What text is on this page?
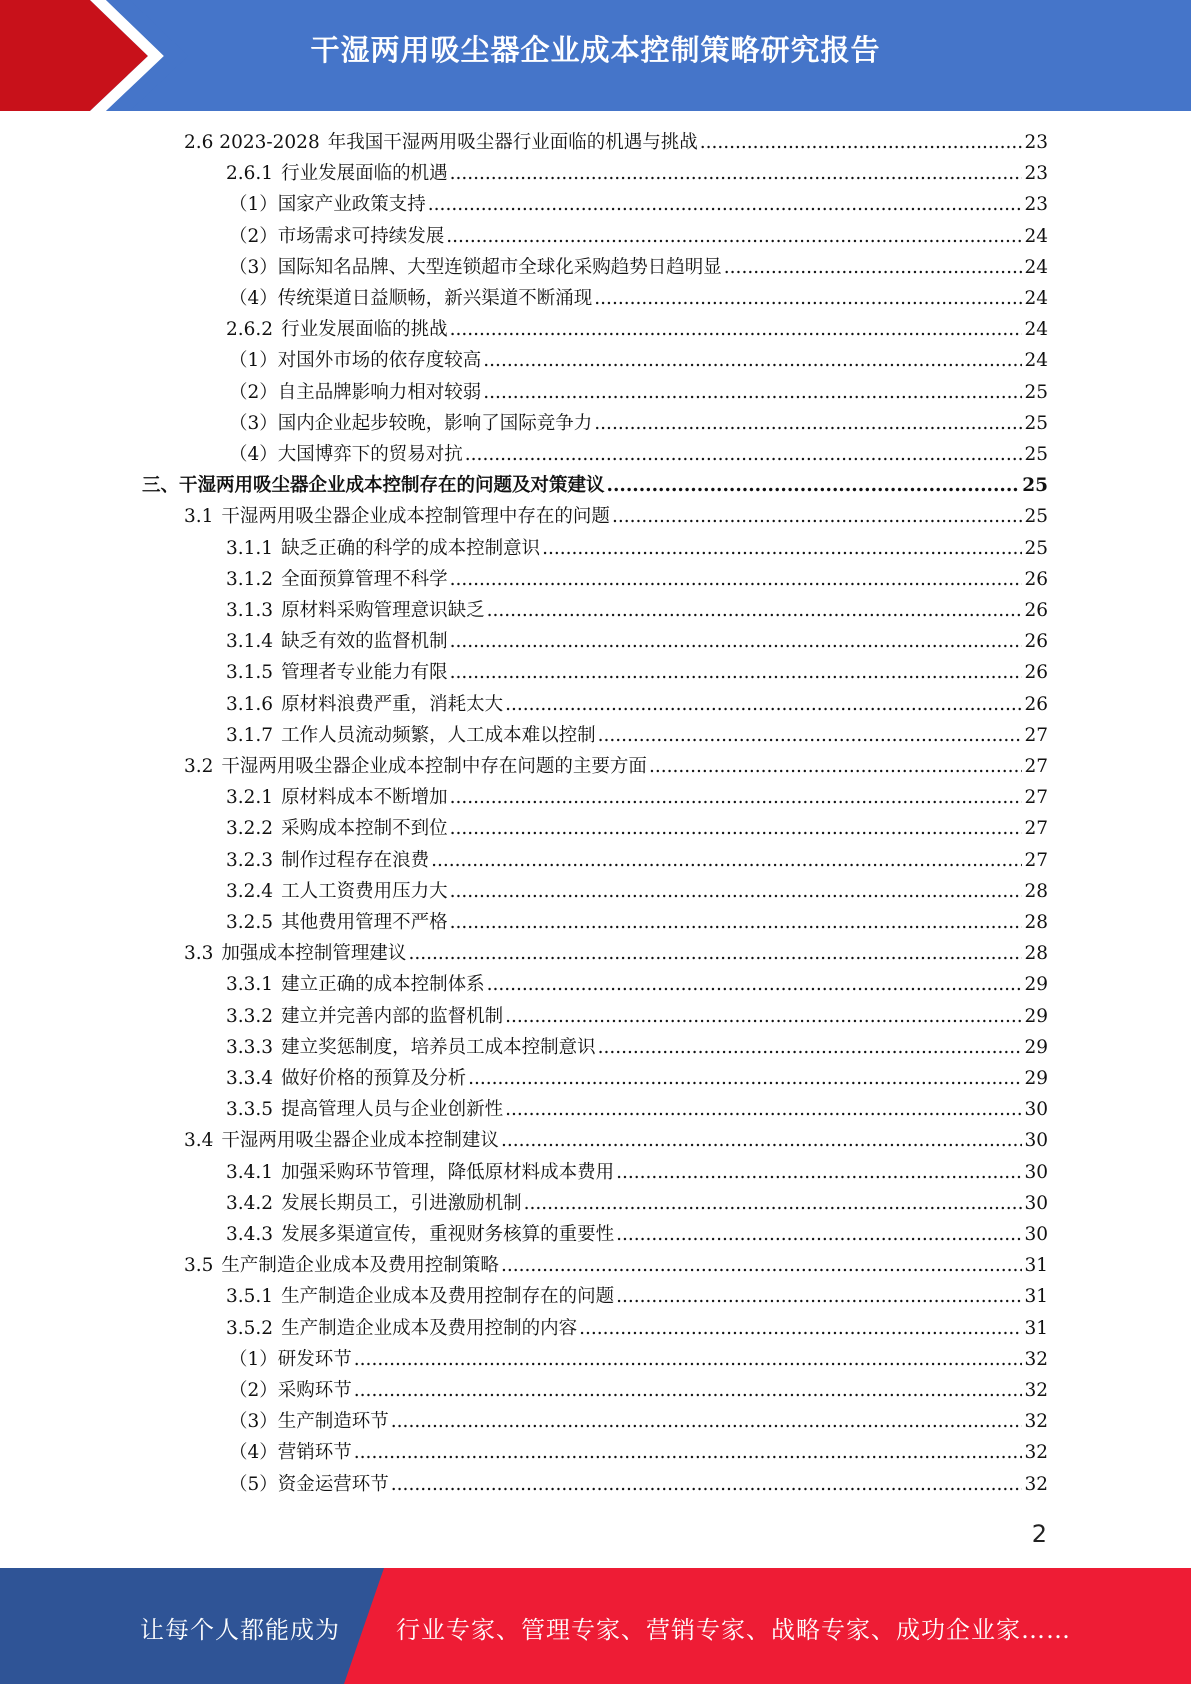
干湿两用吸尘器企业成本控制策略研究报告
2.6 2023-2028 年我国干湿两用吸尘器行业面临的机遇与挑战 .....	23
2.6.1 行业发展面临的机遇 .....	23
（1） 国家产业政策支持 .....	23
（2） 市场需求可持续发展 .....	24
（3） 国际知名品牌、大型连锁超市全球化采购趋势日趋明显 .....	24
（4） 传统渠道日益顺畅，新兴渠道不断涌现 .....	24
2.6.2 行业发展面临的挑战 .....	24
（1） 对国外市场的依存度较高 .....	24
（2） 自主品牌影响力相对较弱 .....	25
（3） 国内企业起步较晚，影响了国际竞争力 .....	25
（4） 大国博弈下的贸易对抗 .....	25
三、 干湿两用吸尘器企业成本控制存在的问题及对策建议 .....	25
3.1 干湿两用吸尘器企业成本控制管理中存在的问题 .....	25
3.1.1 缺乏正确的科学的成本控制意识 .....	25
3.1.2 全面预算管理不科学 .....	26
3.1.3 原材料采购管理意识缺乏 .....	26
3.1.4 缺乏有效的监督机制 .....	26
3.1.5 管理者专业能力有限 .....	26
3.1.6 原材料浪费严重，消耗太大 .....	26
3.1.7 工作人员流动频繁，人工成本难以控制 .....	27
3.2 干湿两用吸尘器企业成本控制中存在问题的主要方面 .....	27
3.2.1 原材料成本不断增加 .....	27
3.2.2 采购成本控制不到位 .....	27
3.2.3 制作过程存在浪费 .....	27
3.2.4 工人工资费用压力大 .....	28
3.2.5 其他费用管理不严格 .....	28
3.3 加强成本控制管理建议 .....	28
3.3.1 建立正确的成本控制体系 .....	29
3.3.2 建立并完善内部的监督机制 .....	29
3.3.3 建立奖惩制度，培养员工成本控制意识 .....	29
3.3.4 做好价格的预算及分析 .....	29
3.3.5 提高管理人员与企业创新性 .....	30
3.4 干湿两用吸尘器企业成本控制建议 .....	30
3.4.1 加强采购环节管理，降低原材料成本费用 .....	30
3.4.2 发展长期员工，引进激励机制 .....	30
3.4.3 发展多渠道宣传，重视财务核算的重要性 .....	30
3.5 生产制造企业成本及费用控制策略 .....	31
3.5.1 生产制造企业成本及费用控制存在的问题 .....	31
3.5.2 生产制造企业成本及费用控制的内容 .....	31
（1） 研发环节 .....	32
（2） 采购环节 .....	32
（3） 生产制造环节 .....	32
（4） 营销环节 .....	32
（5） 资金运营环节 .....	32
2
让每个人都能成为 行业专家、管理专家、营销专家、战略专家、成功企业家……
